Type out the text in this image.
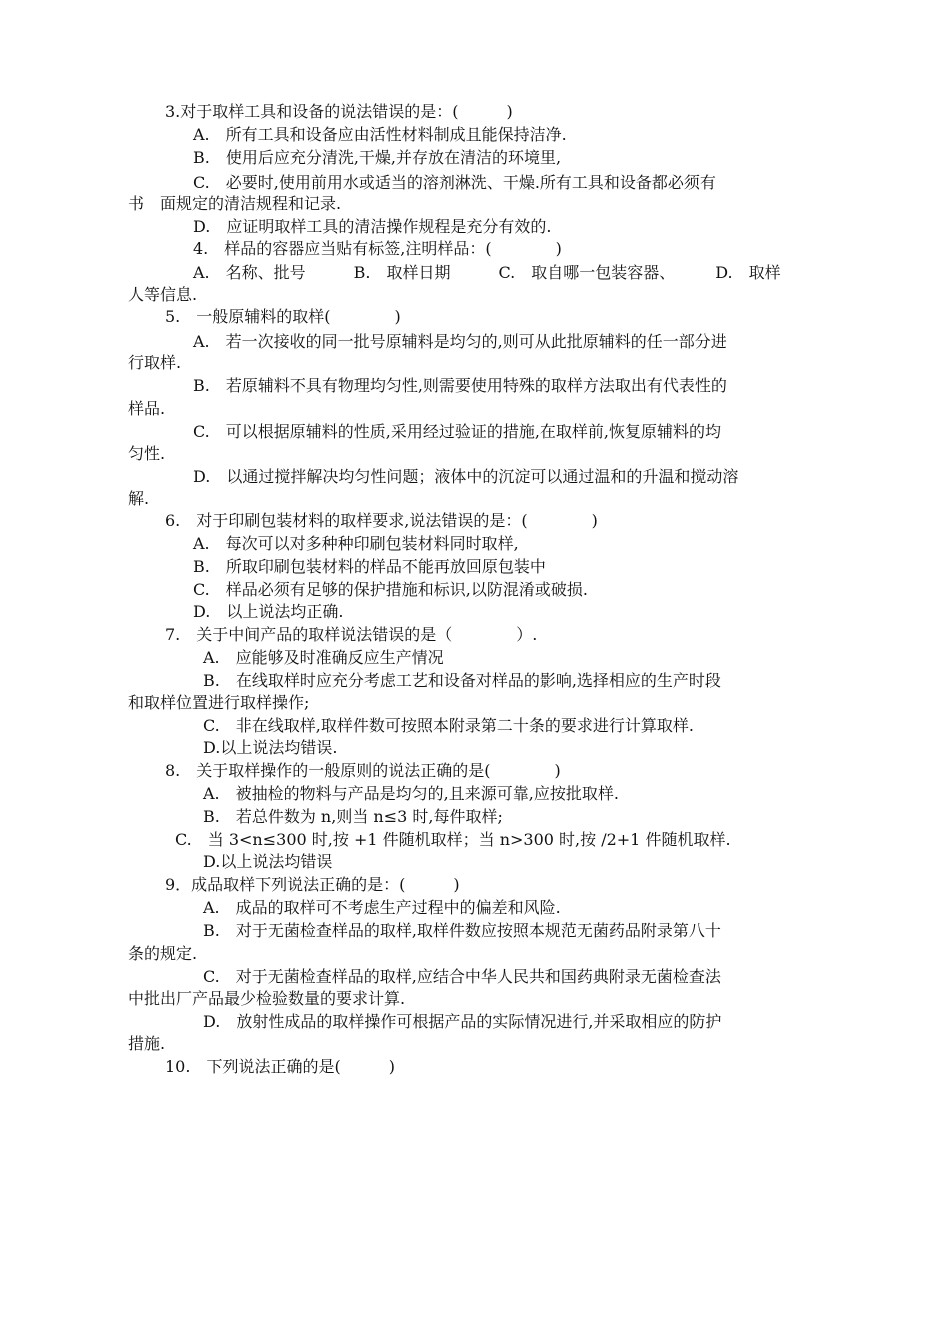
3.对于取样工具和设备的说法错误的是：(　　　)
A.　所有工具和设备应由活性材料制成且能保持洁净.
B.　使用后应充分清洗,干燥,并存放在清洁的环境里,
C.　必要时,使用前用水或适当的溶剂淋洗、干燥.所有工具和设备都必须有
书　面规定的清洁规程和记录.
D.　应证明取样工具的清洁操作规程是充分有效的.
4.　样品的容器应当贴有标签,注明样品：(　　　　)
A.　名称、批号　　　B.　取样日期　　　C.　取自哪一包装容器、　　　D.　取样
人等信息.
5.　一般原辅料的取样(　　　　)
A.　若一次接收的同一批号原辅料是均匀的,则可从此批原辅料的任一部分进
行取样.
B.　若原辅料不具有物理均匀性,则需要使用特殊的取样方法取出有代表性的
样品.
C.　可以根据原辅料的性质,采用经过验证的措施,在取样前,恢复原辅料的均
匀性.
D.　以通过搅拌解决均匀性问题；液体中的沉淀可以通过温和的升温和搅动溶
解.
6.　对于印刷包装材料的取样要求,说法错误的是：(　　　　)
A.　每次可以对多种种印刷包装材料同时取样,
B.　所取印刷包装材料的样品不能再放回原包装中
C.　样品必须有足够的保护措施和标识,以防混淆或破损.
D.　以上说法均正确.
7.　关于中间产品的取样说法错误的是（　　　　）.
A.　应能够及时准确反应生产情况
B.　在线取样时应充分考虑工艺和设备对样品的影响,选择相应的生产时段
和取样位置进行取样操作;
C.　非在线取样,取样件数可按照本附录第二十条的要求进行计算取样.
D.以上说法均错误.
8.　关于取样操作的一般原则的说法正确的是(　　　　)
A.　被抽检的物料与产品是均匀的,且来源可靠,应按批取样.
B.　若总件数为 n,则当 n≤3 时,每件取样;
C.　当 3<n≤300 时,按 +1 件随机取样；当 n>300 时,按 /2+1 件随机取样.
D.以上说法均错误
9．成品取样下列说法正确的是：(　　　)
A.　成品的取样可不考虑生产过程中的偏差和风险.
B.　对于无菌检查样品的取样,取样件数应按照本规范无菌药品附录第八十
条的规定.
C.　对于无菌检查样品的取样,应结合中华人民共和国药典附录无菌检查法
中批出厂产品最少检验数量的要求计算.
D.　放射性成品的取样操作可根据产品的实际情况进行,并采取相应的防护
措施.
10.　下列说法正确的是(　　　)
